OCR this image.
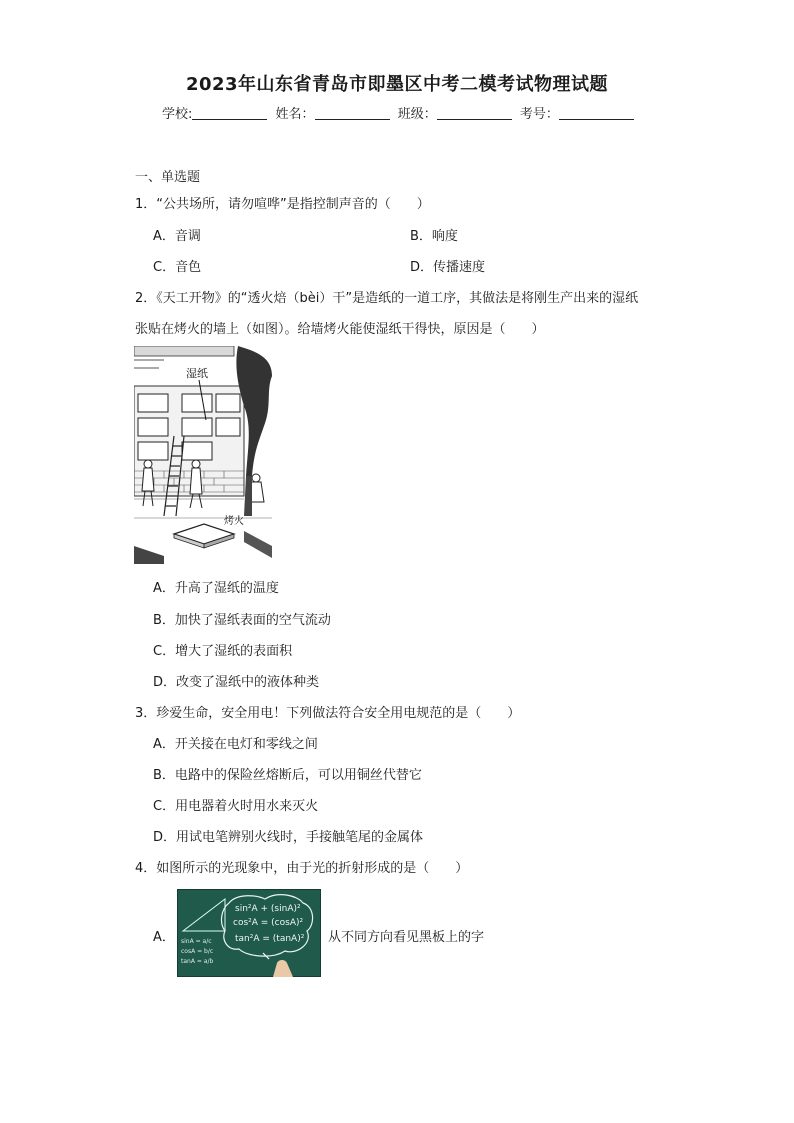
2023年山东省青岛市即墨区中考二模考试物理试题
学校:	姓名：	班级：	考号：
一、单选题
1．“公共场所，请勿喧哗”是指控制声音的（　　）
A．音调	B．响度
C．音色	D．传播速度
2．《天工开物》的“透火焙（bèi）干”是造纸的一道工序，其做法是将刚生产出来的湿纸
张贴在烤火的墙上（如图）。给墙烤火能使湿纸干得快，原因是（　　）
湿纸
烤火
A．升高了湿纸的温度
B．加快了湿纸表面的空气流动
C．增大了湿纸的表面积
D．改变了湿纸中的液体种类
3．珍爱生命，安全用电！下列做法符合安全用电规范的是（　　）
A．开关接在电灯和零线之间
B．电路中的保险丝熔断后，可以用铜丝代替它
C．用电器着火时用水来灭火
D．用试电笔辨别火线时，手接触笔尾的金属体
4．如图所示的光现象中，由于光的折射形成的是（　　）
A．
sin²A + (sinA)²
cos²A = (cosA)²
tan²A = (tanA)²
sinA = a/c
cosA = b/c
tanA = a/b
从不同方向看见黑板上的字
